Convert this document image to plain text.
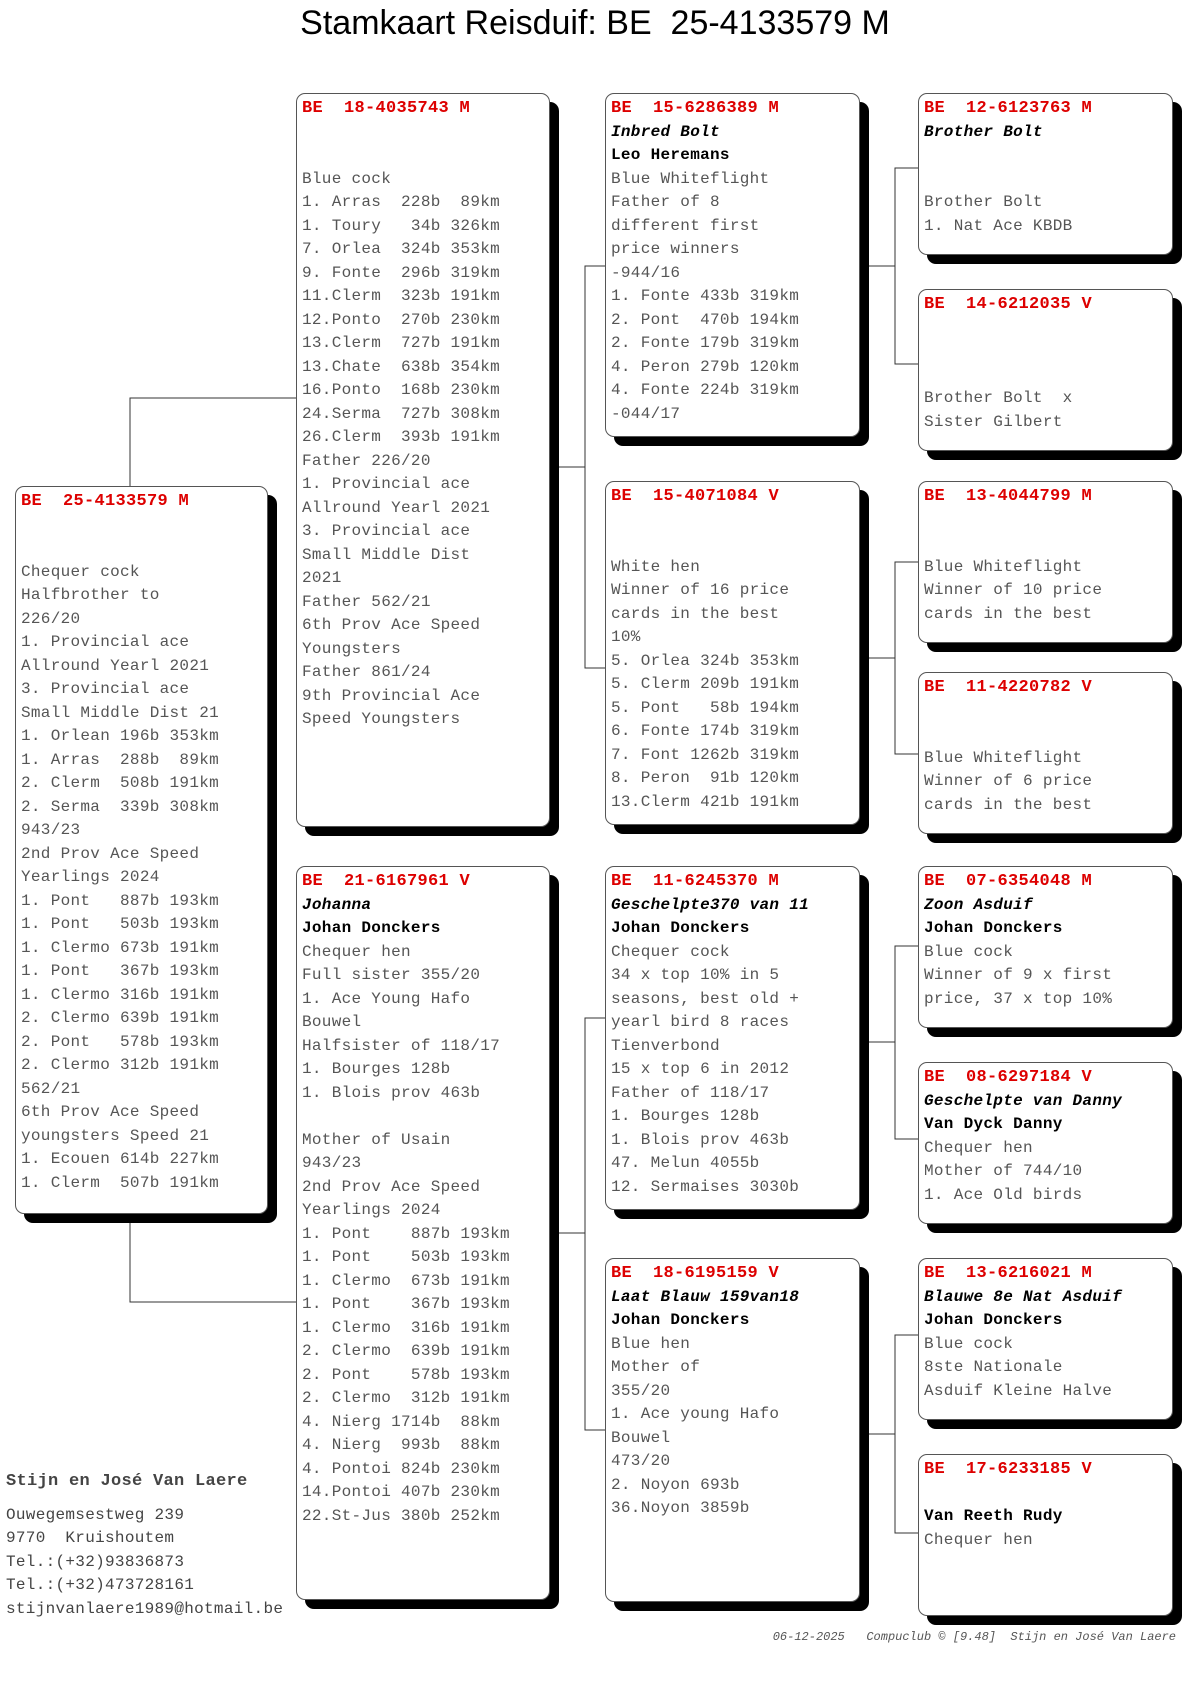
Stamkaart Reisduif: BE  25-4133579 M
BE  25-4133579 M
Chequer cock
Halfbrother to
226/20
1. Provincial ace
Allround Yearl 2021
3. Provincial ace
Small Middle Dist 21
1. Orlean 196b 353km
1. Arras  288b  89km
2. Clerm  508b 191km
2. Serma  339b 308km
943/23
2nd Prov Ace Speed
Yearlings 2024
1. Pont   887b 193km
1. Pont   503b 193km
1. Clermo 673b 191km
1. Pont   367b 193km
1. Clermo 316b 191km
2. Clermo 639b 191km
2. Pont   578b 193km
2. Clermo 312b 191km
562/21
6th Prov Ace Speed
youngsters Speed 21
1. Ecouen 614b 227km
1. Clerm  507b 191km
BE  18-4035743 M
Blue cock
1. Arras  228b  89km
1. Toury   34b 326km
7. Orlea  324b 353km
9. Fonte  296b 319km
11.Clerm  323b 191km
12.Ponto  270b 230km
13.Clerm  727b 191km
13.Chate  638b 354km
16.Ponto  168b 230km
24.Serma  727b 308km
26.Clerm  393b 191km
Father 226/20
1. Provincial ace
Allround Yearl 2021
3. Provincial ace
Small Middle Dist
2021
Father 562/21
6th Prov Ace Speed
Youngsters
Father 861/24
9th Provincial Ace
Speed Youngsters
BE  21-6167961 V
Johanna
Johan Donckers
Chequer hen
Full sister 355/20
1. Ace Young Hafo
Bouwel
Halfsister of 118/17
1. Bourges 128b
1. Blois prov 463b
Mother of Usain
943/23
2nd Prov Ace Speed
Yearlings 2024
1. Pont    887b 193km
1. Pont    503b 193km
1. Clermo  673b 191km
1. Pont    367b 193km
1. Clermo  316b 191km
2. Clermo  639b 191km
2. Pont    578b 193km
2. Clermo  312b 191km
4. Nierg 1714b  88km
4. Nierg  993b  88km
4. Pontoi 824b 230km
14.Pontoi 407b 230km
22.St-Jus 380b 252km
BE  15-6286389 M
Inbred Bolt
Leo Heremans
Blue Whiteflight
Father of 8
different first
price winners
-944/16
1. Fonte 433b 319km
2. Pont  470b 194km
2. Fonte 179b 319km
4. Peron 279b 120km
4. Fonte 224b 319km
-044/17
BE  15-4071084 V
White hen
Winner of 16 price
cards in the best
10%
5. Orlea 324b 353km
5. Clerm 209b 191km
5. Pont   58b 194km
6. Fonte 174b 319km
7. Font 1262b 319km
8. Peron  91b 120km
13.Clerm 421b 191km
BE  11-6245370 M
Geschelpte370 van 11
Johan Donckers
Chequer cock
34 x top 10% in 5
seasons, best old +
yearl bird 8 races
Tienverbond
15 x top 6 in 2012
Father of 118/17
1. Bourges 128b
1. Blois prov 463b
47. Melun 4055b
12. Sermaises 3030b
BE  18-6195159 V
Laat Blauw 159van18
Johan Donckers
Blue hen
Mother of
355/20
1. Ace young Hafo
Bouwel
473/20
2. Noyon 693b
36.Noyon 3859b
BE  12-6123763 M
Brother Bolt
Brother Bolt
1. Nat Ace KBDB
BE  14-6212035 V
Brother Bolt  x
Sister Gilbert
BE  13-4044799 M
Blue Whiteflight
Winner of 10 price
cards in the best
BE  11-4220782 V
Blue Whiteflight
Winner of 6 price
cards in the best
BE  07-6354048 M
Zoon Asduif
Johan Donckers
Blue cock
Winner of 9 x first
price, 37 x top 10%
BE  08-6297184 V
Geschelpte van Danny
Van Dyck Danny
Chequer hen
Mother of 744/10
1. Ace Old birds
BE  13-6216021 M
Blauwe 8e Nat Asduif
Johan Donckers
Blue cock
8ste Nationale
Asduif Kleine Halve
BE  17-6233185 V
Van Reeth Rudy
Chequer hen
Stijn en José Van Laere
Ouwegemsestweg 239
9770  Kruishoutem
Tel.:(+32)93836873
Tel.:(+32)473728161
stijnvanlaere1989@hotmail.be
06-12-2025   Compuclub © [9.48]  Stijn en José Van Laere
